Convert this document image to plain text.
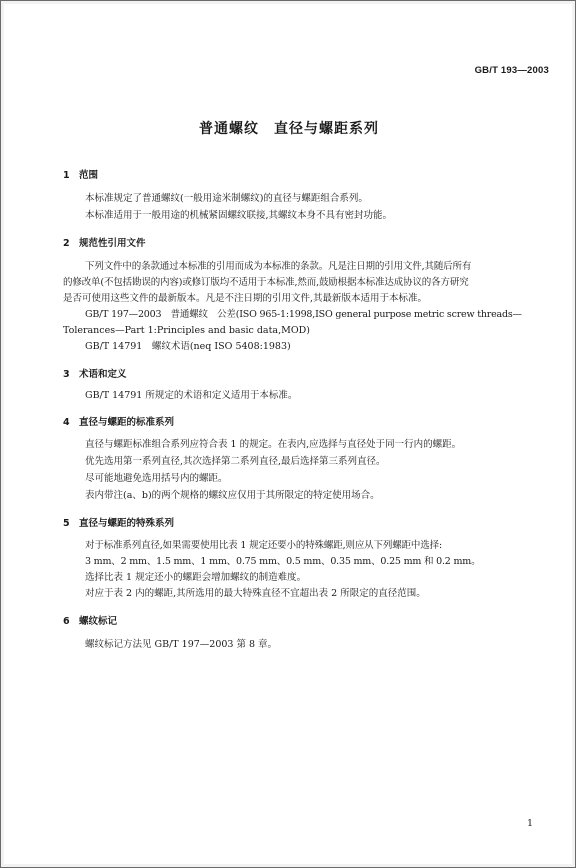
GB/T 193—2003
普通螺纹　直径与螺距系列
1 范围
本标准规定了普通螺纹(一般用途米制螺纹)的直径与螺距组合系列。
本标准适用于一般用途的机械紧固螺纹联接,其螺纹本身不具有密封功能。
2 规范性引用文件
下列文件中的条款通过本标准的引用而成为本标准的条款。凡是注日期的引用文件,其随后所有
的修改单(不包括勘误的内容)或修订版均不适用于本标准,然而,鼓励根据本标准达成协议的各方研究
是否可使用这些文件的最新版本。凡是不注日期的引用文件,其最新版本适用于本标准。
GB/T 197—2003　普通螺纹　公差(ISO 965-1:1998,ISO general purpose metric screw threads—
Tolerances—Part 1:Principles and basic data,MOD)
GB/T 14791　螺纹术语(neq ISO 5408:1983)
3 术语和定义
GB/T 14791 所规定的术语和定义适用于本标准。
4 直径与螺距的标准系列
直径与螺距标准组合系列应符合表 1 的规定。在表内,应选择与直径处于同一行内的螺距。
优先选用第一系列直径,其次选择第二系列直径,最后选择第三系列直径。
尽可能地避免选用括号内的螺距。
表内带注(a、b)的两个规格的螺纹应仅用于其所限定的特定使用场合。
5 直径与螺距的特殊系列
对于标准系列直径,如果需要使用比表 1 规定还要小的特殊螺距,则应从下列螺距中选择:
3 mm、2 mm、1.5 mm、1 mm、0.75 mm、0.5 mm、0.35 mm、0.25 mm 和 0.2 mm。
选择比表 1 规定还小的螺距会增加螺纹的制造难度。
对应于表 2 内的螺距,其所选用的最大特殊直径不宜超出表 2 所限定的直径范围。
6 螺纹标记
螺纹标记方法见 GB/T 197—2003 第 8 章。
1
